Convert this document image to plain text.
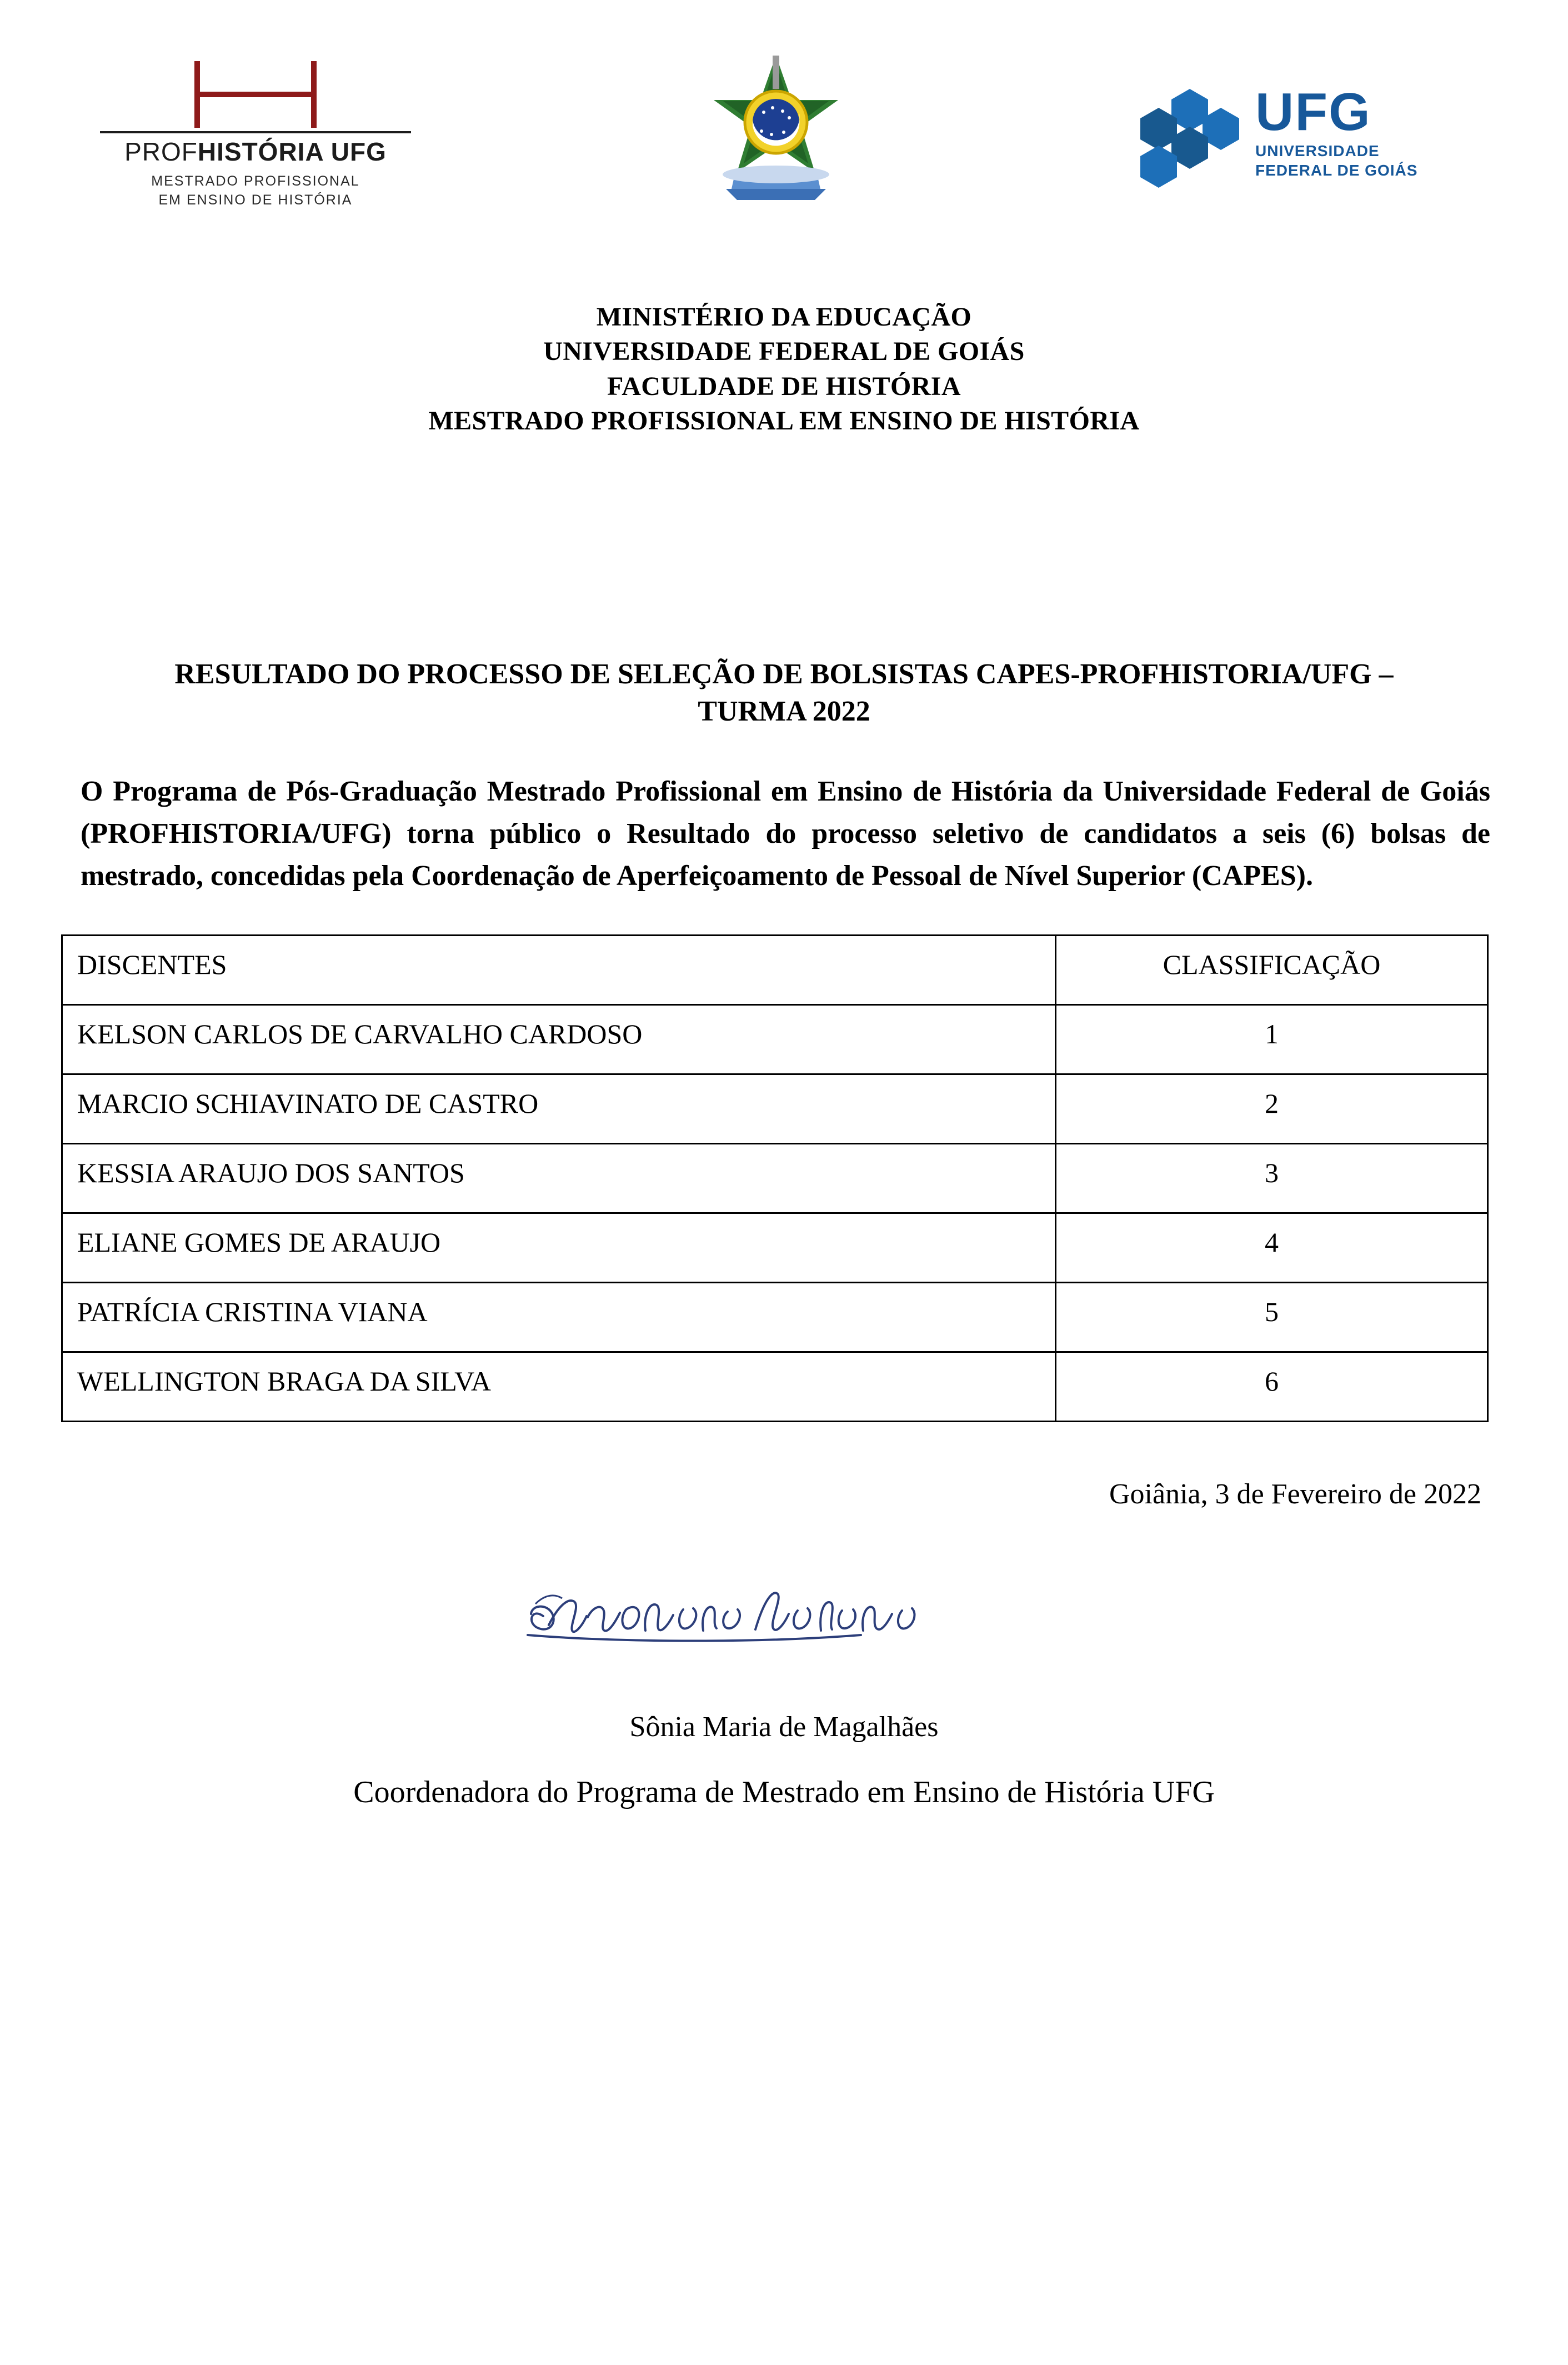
PROFHISTÓRIA UFG
MESTRADO PROFISSIONAL
EM ENSINO DE HISTÓRIA
UFG
UNIVERSIDADE
FEDERAL DE GOIÁS
MINISTÉRIO DA EDUCAÇÃO
UNIVERSIDADE FEDERAL DE GOIÁS
FACULDADE DE HISTÓRIA
MESTRADO PROFISSIONAL EM ENSINO DE HISTÓRIA
RESULTADO DO PROCESSO DE SELEÇÃO DE BOLSISTAS CAPES-PROFHISTORIA/UFG – TURMA 2022
O Programa de Pós-Graduação Mestrado Profissional em Ensino de História da Universidade Federal de Goiás (PROFHISTORIA/UFG) torna público o Resultado do processo seletivo de candidatos a seis (6) bolsas de mestrado, concedidas pela Coordenação de Aperfeiçoamento de Pessoal de Nível Superior (CAPES).
DISCENTES	CLASSIFICAÇÃO
KELSON CARLOS DE CARVALHO CARDOSO	1
MARCIO SCHIAVINATO DE CASTRO	2
KESSIA ARAUJO DOS SANTOS	3
ELIANE GOMES DE ARAUJO	4
PATRÍCIA CRISTINA VIANA	5
WELLINGTON BRAGA DA SILVA	6
Goiânia, 3 de Fevereiro de 2022
Sônia Maria de Magalhães
Coordenadora do Programa de Mestrado em Ensino de História UFG
